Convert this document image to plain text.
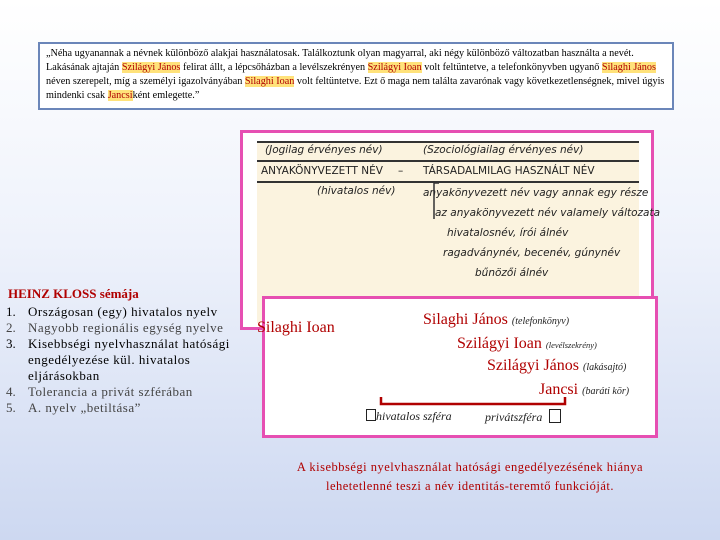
„Néha ugyanannak a névnek különböző alakjai használatosak. Találkoztunk olyan magyarral, aki négy különböző változatban használta a nevét. Lakásának ajtaján Szilágyi János felirat állt, a lépcsőházban a levélszekrényen Szilágyi Ioan volt feltüntetve, a telefonkönyvben ugyanő Silaghi János néven szerepelt, míg a személyi igazolványában Silaghi Ioan volt feltüntetve. Ezt ő maga nem találta zavarónak vagy következetlenségnek, mivel úgyis mindenki csak Jancsiként emlegette.”
(Jogilag érvényes név)	(Szociológiailag érvényes név)
ANYAKÖNYVEZETT NÉV – TÁRSADALMILAG HASZNÁLT NÉV
(hivatalos név)	anyakönyvezett név vagy annak egy része
az anyakönyvezett név valamely változata
hivatalosnév, írói álnév
ragadványnév, becenév, gúnynév
bűnözői álnév
HEINZ KLOSS sémája
1. Országosan (egy) hivatalos nyelv
2. Nagyobb regionális egység nyelve
3. Kisebbségi nyelvhasználat hatósági engedélyezése kül. hivatalos eljárásokban
4. Tolerancia a privát szférában
5. A. nyelv „betiltása”
Silaghi Ioan	Silaghi János (telefonkönyv)
Szilágyi Ioan (levélszekrény)
Szilágyi János (lakásajtó)
Jancsi (baráti kör)
hivatalos szféra	privátszféra
A kisebbségi nyelvhasználat hatósági engedélyezésének hiánya lehetetlenné teszi a név identitás-teremtő funkcióját.
